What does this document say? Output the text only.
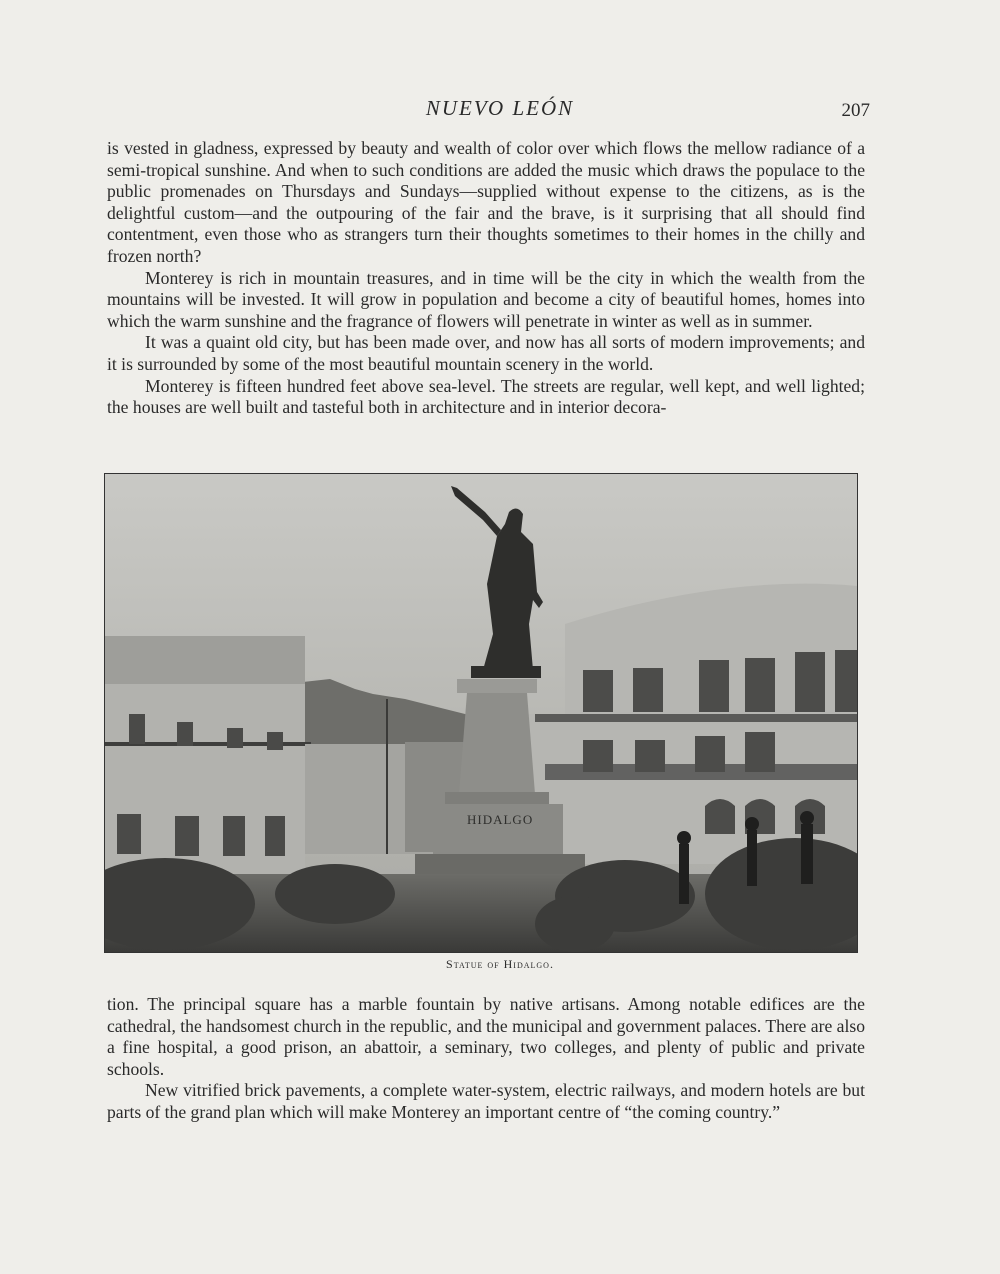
NUEVO LEÓN	207

is vested in gladness, expressed by beauty and wealth of color over which flows the mellow radiance of a semi-tropical sunshine. And when to such conditions are added the music which draws the populace to the public promenades on Thursdays and Sundays—supplied without expense to the citizens, as is the delightful custom—and the outpouring of the fair and the brave, is it surprising that all should find contentment, even those who as strangers turn their thoughts sometimes to their homes in the chilly and frozen north?

Monterey is rich in mountain treasures, and in time will be the city in which the wealth from the mountains will be invested. It will grow in population and become a city of beautiful homes, homes into which the warm sunshine and the fragrance of flowers will penetrate in winter as well as in summer.

It was a quaint old city, but has been made over, and now has all sorts of modern improvements; and it is surrounded by some of the most beautiful mountain scenery in the world.

Monterey is fifteen hundred feet above sea-level. The streets are regular, well kept, and well lighted; the houses are well built and tasteful both in architecture and in interior decora-

HIDALGO
Statue of Hidalgo.

tion. The principal square has a marble fountain by native artisans. Among notable edifices are the cathedral, the handsomest church in the republic, and the municipal and government palaces. There are also a fine hospital, a good prison, an abattoir, a seminary, two colleges, and plenty of public and private schools.

New vitrified brick pavements, a complete water-system, electric railways, and modern hotels are but parts of the grand plan which will make Monterey an important centre of “the coming country.”
